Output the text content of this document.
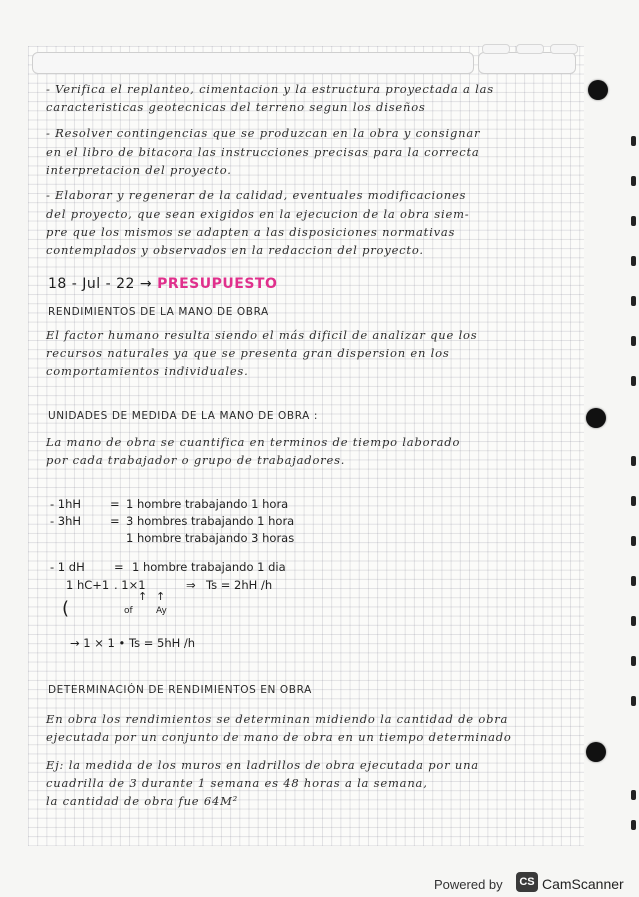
- Verifica el replanteo, cimentacion y la estructura proyectada a las
caracteristicas geotecnicas del terreno segun los diseños
- Resolver contingencias que se produzcan en la obra y consignar
en el libro de bitacora las instrucciones precisas para la correcta
interpretacion del proyecto.
- Elaborar y regenerar de la calidad, eventuales modificaciones
del proyecto, que sean exigidos en la ejecucion de la obra siem-
pre que los mismos se adapten a las disposiciones normativas
contemplados y observados en la redaccion del proyecto.
18 - Jul - 22 → PRESUPUESTO
RENDIMIENTOS DE LA MANO DE OBRA
El factor humano resulta siendo el más dificil de analizar que los
recursos naturales ya que se presenta gran dispersion en los
comportamientos individuales.
UNIDADES DE MEDIDA DE LA MANO DE OBRA :
La mano de obra se cuantifica en terminos de tiempo laborado
por cada trabajador o grupo de trabajadores.
- 1hH	= 1 hombre trabajando 1 hora
- 3hH	= 3 hombres trabajando 1 hora
1 hombre trabajando 3 horas
- 1 dH	= 1 hombre trabajando 1 dia
1 hC+1 . 1×1	⇒ Ts = 2hH /h
↑ ↑
(	of	Ay
→ 1 × 1 • Ts = 5hH /h
DETERMINACIÓN DE RENDIMIENTOS EN OBRA
En obra los rendimientos se determinan midiendo la cantidad de obra
ejecutada por un conjunto de mano de obra en un tiempo determinado
Ej: la medida de los muros en ladrillos de obra ejecutada por una
cuadrilla de 3 durante 1 semana es 48 horas a la semana,
la cantidad de obra fue 64M²
Powered by	CS CamScanner
